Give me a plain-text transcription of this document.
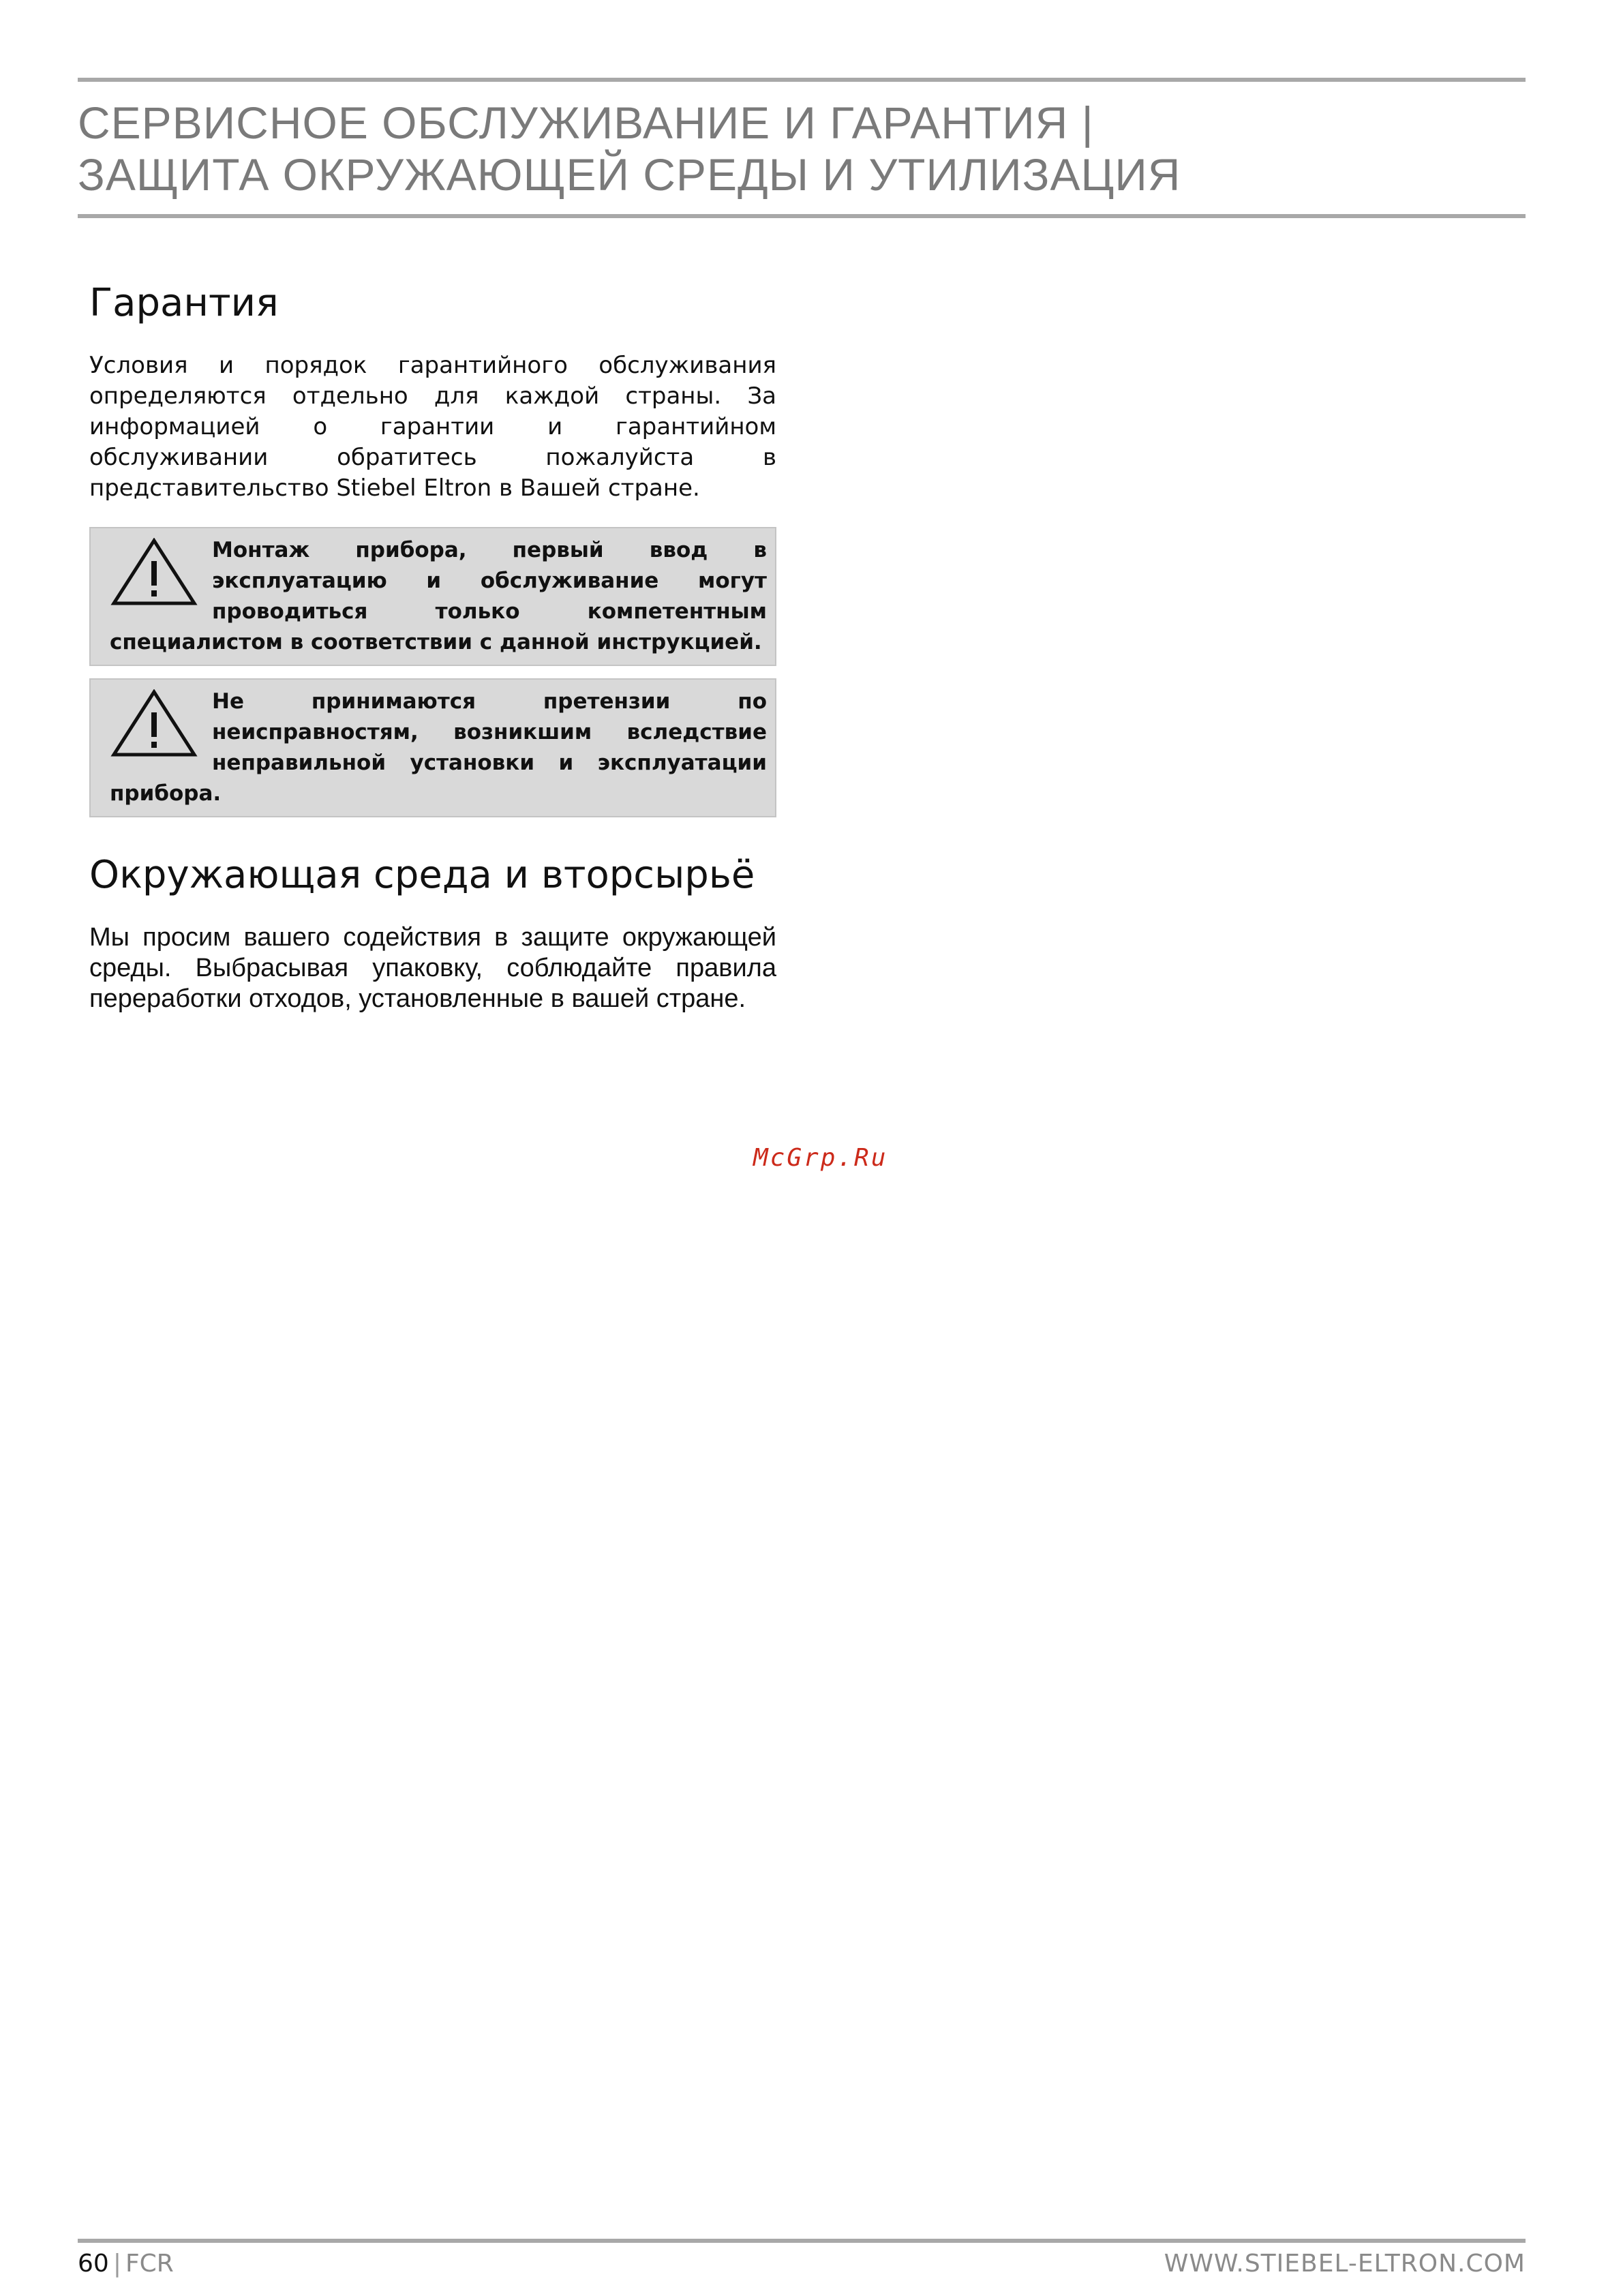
СЕРВИСНОЕ ОБСЛУЖИВАНИЕ И ГАРАНТИЯ |
ЗАЩИТА ОКРУЖАЮЩЕЙ СРЕДЫ И УТИЛИЗАЦИЯ
Гарантия

Условия и порядок гарантийного обслуживания определяются отдельно для каждой страны. За информацией о гарантии и гарантийном обслуживании обратитесь пожалуйста в представительство Stiebel Eltron в Вашей стране.

Монтаж прибора, первый ввод в эксплуатацию и обслуживание могут проводиться только компетентным специалистом в соответствии с данной инструкцией.
Не принимаются претензии по неисправностям, возникшим вследствие неправильной установки и эксплуатации прибора.
Окружающая среда и вторсырьё

Мы просим вашего содействия в защите окружающей среды. Выбрасывая упаковку, соблюдайте правила переработки отходов, установленные в вашей стране.

McGrp.Ru
60 | FCR	WWW.STIEBEL-ELTRON.COM
